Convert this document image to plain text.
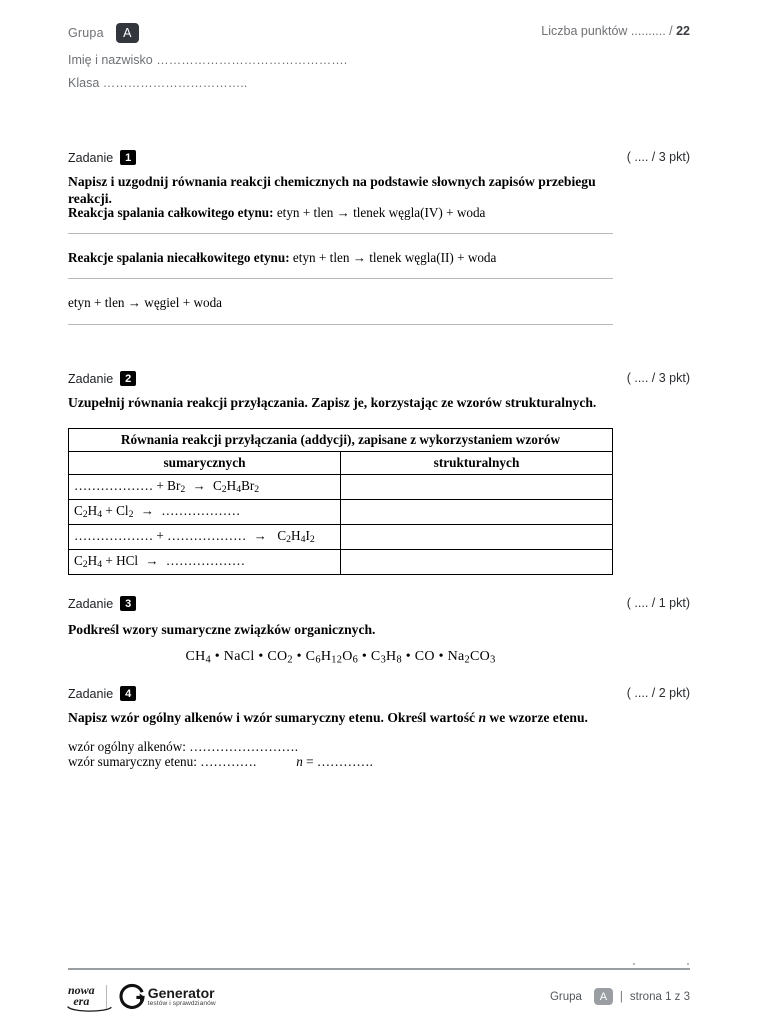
Grupa	A	Liczba punktów .......... / 22
Imię i nazwisko ……………………………………….
Klasa ……………………………..
Zadanie	1	( .... / 3 pkt)
Napisz i uzgodnij równania reakcji chemicznych na podstawie słownych zapisów przebiegu reakcji.
Reakcja spalania całkowitego etynu: etyn + tlen → tlenek węgla(IV) + woda
Reakcje spalania niecałkowitego etynu: etyn + tlen → tlenek węgla(II) + woda
etyn + tlen → węgiel + woda
Zadanie	2	( .... / 3 pkt)
Uzupełnij równania reakcji przyłączania. Zapisz je, korzystając ze wzorów strukturalnych.
Równania reakcji przyłączania (addycji), zapisane z wykorzystaniem wzorów	
sumarycznych	strukturalnych
……………… + $Br_2 \to C_2H_4Br_2$	
$C_2H_4 + Cl_2$ → ………………	
……………… + ……………… →  $C_2H_4I_2$	
$C_2H_4$ + HCl → ………………	
Zadanie	3	( .... / 1 pkt)
Podkreśl wzory sumaryczne związków organicznych.
$CH_4$ • NaCl • $CO_2$ • $C_6H_{12}O_6$ • $C_3H_8$ • CO • $Na_2CO_3$
Zadanie	4	( .... / 2 pkt)
Napisz wzór ogólny alkenów i wzór sumaryczny etenu. Określ wartość n we wzorze etenu.
wzór ogólny alkenów: …………………….
wzór sumaryczny etenu: ………….	n = ………….
nowa
era	Generator
testów i sprawdzianów
Grupa	A	| strona 1 z 3
